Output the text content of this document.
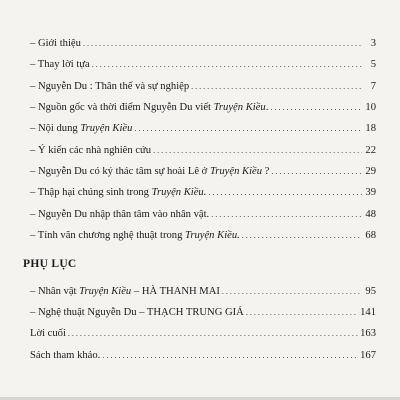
– Giới thiệu . . .	3
– Thay lời tựa . . .	5
– Nguyễn Du : Thân thế và sự nghiệp . . .	7
– Nguồn gốc và thời điểm Nguyễn Du viết Truyện Kiều. . . .	10
– Nội dung Truyện Kiều . . .	18
– Ý kiến các nhà nghiên cứu . . .	22
– Nguyễn Du có ký thác tâm sự hoài Lê ở Truyện Kiều ? . . .	29
– Thập hại chúng sinh trong Truyện Kiều. . . .	39
– Nguyễn Du nhập thân tâm vào nhân vật. . . .	48
– Tính văn chương nghệ thuật trong Truyện Kiều. . . .	68
– Nhân vật Truyện Kiều – HÀ THANH MAI . . .	95
– Nghệ thuật Nguyễn Du – THẠCH TRUNG GIẢ . . .	141
Lời cuối . . .	163
Sách tham khảo. . . .	167
PHỤ LỤC
